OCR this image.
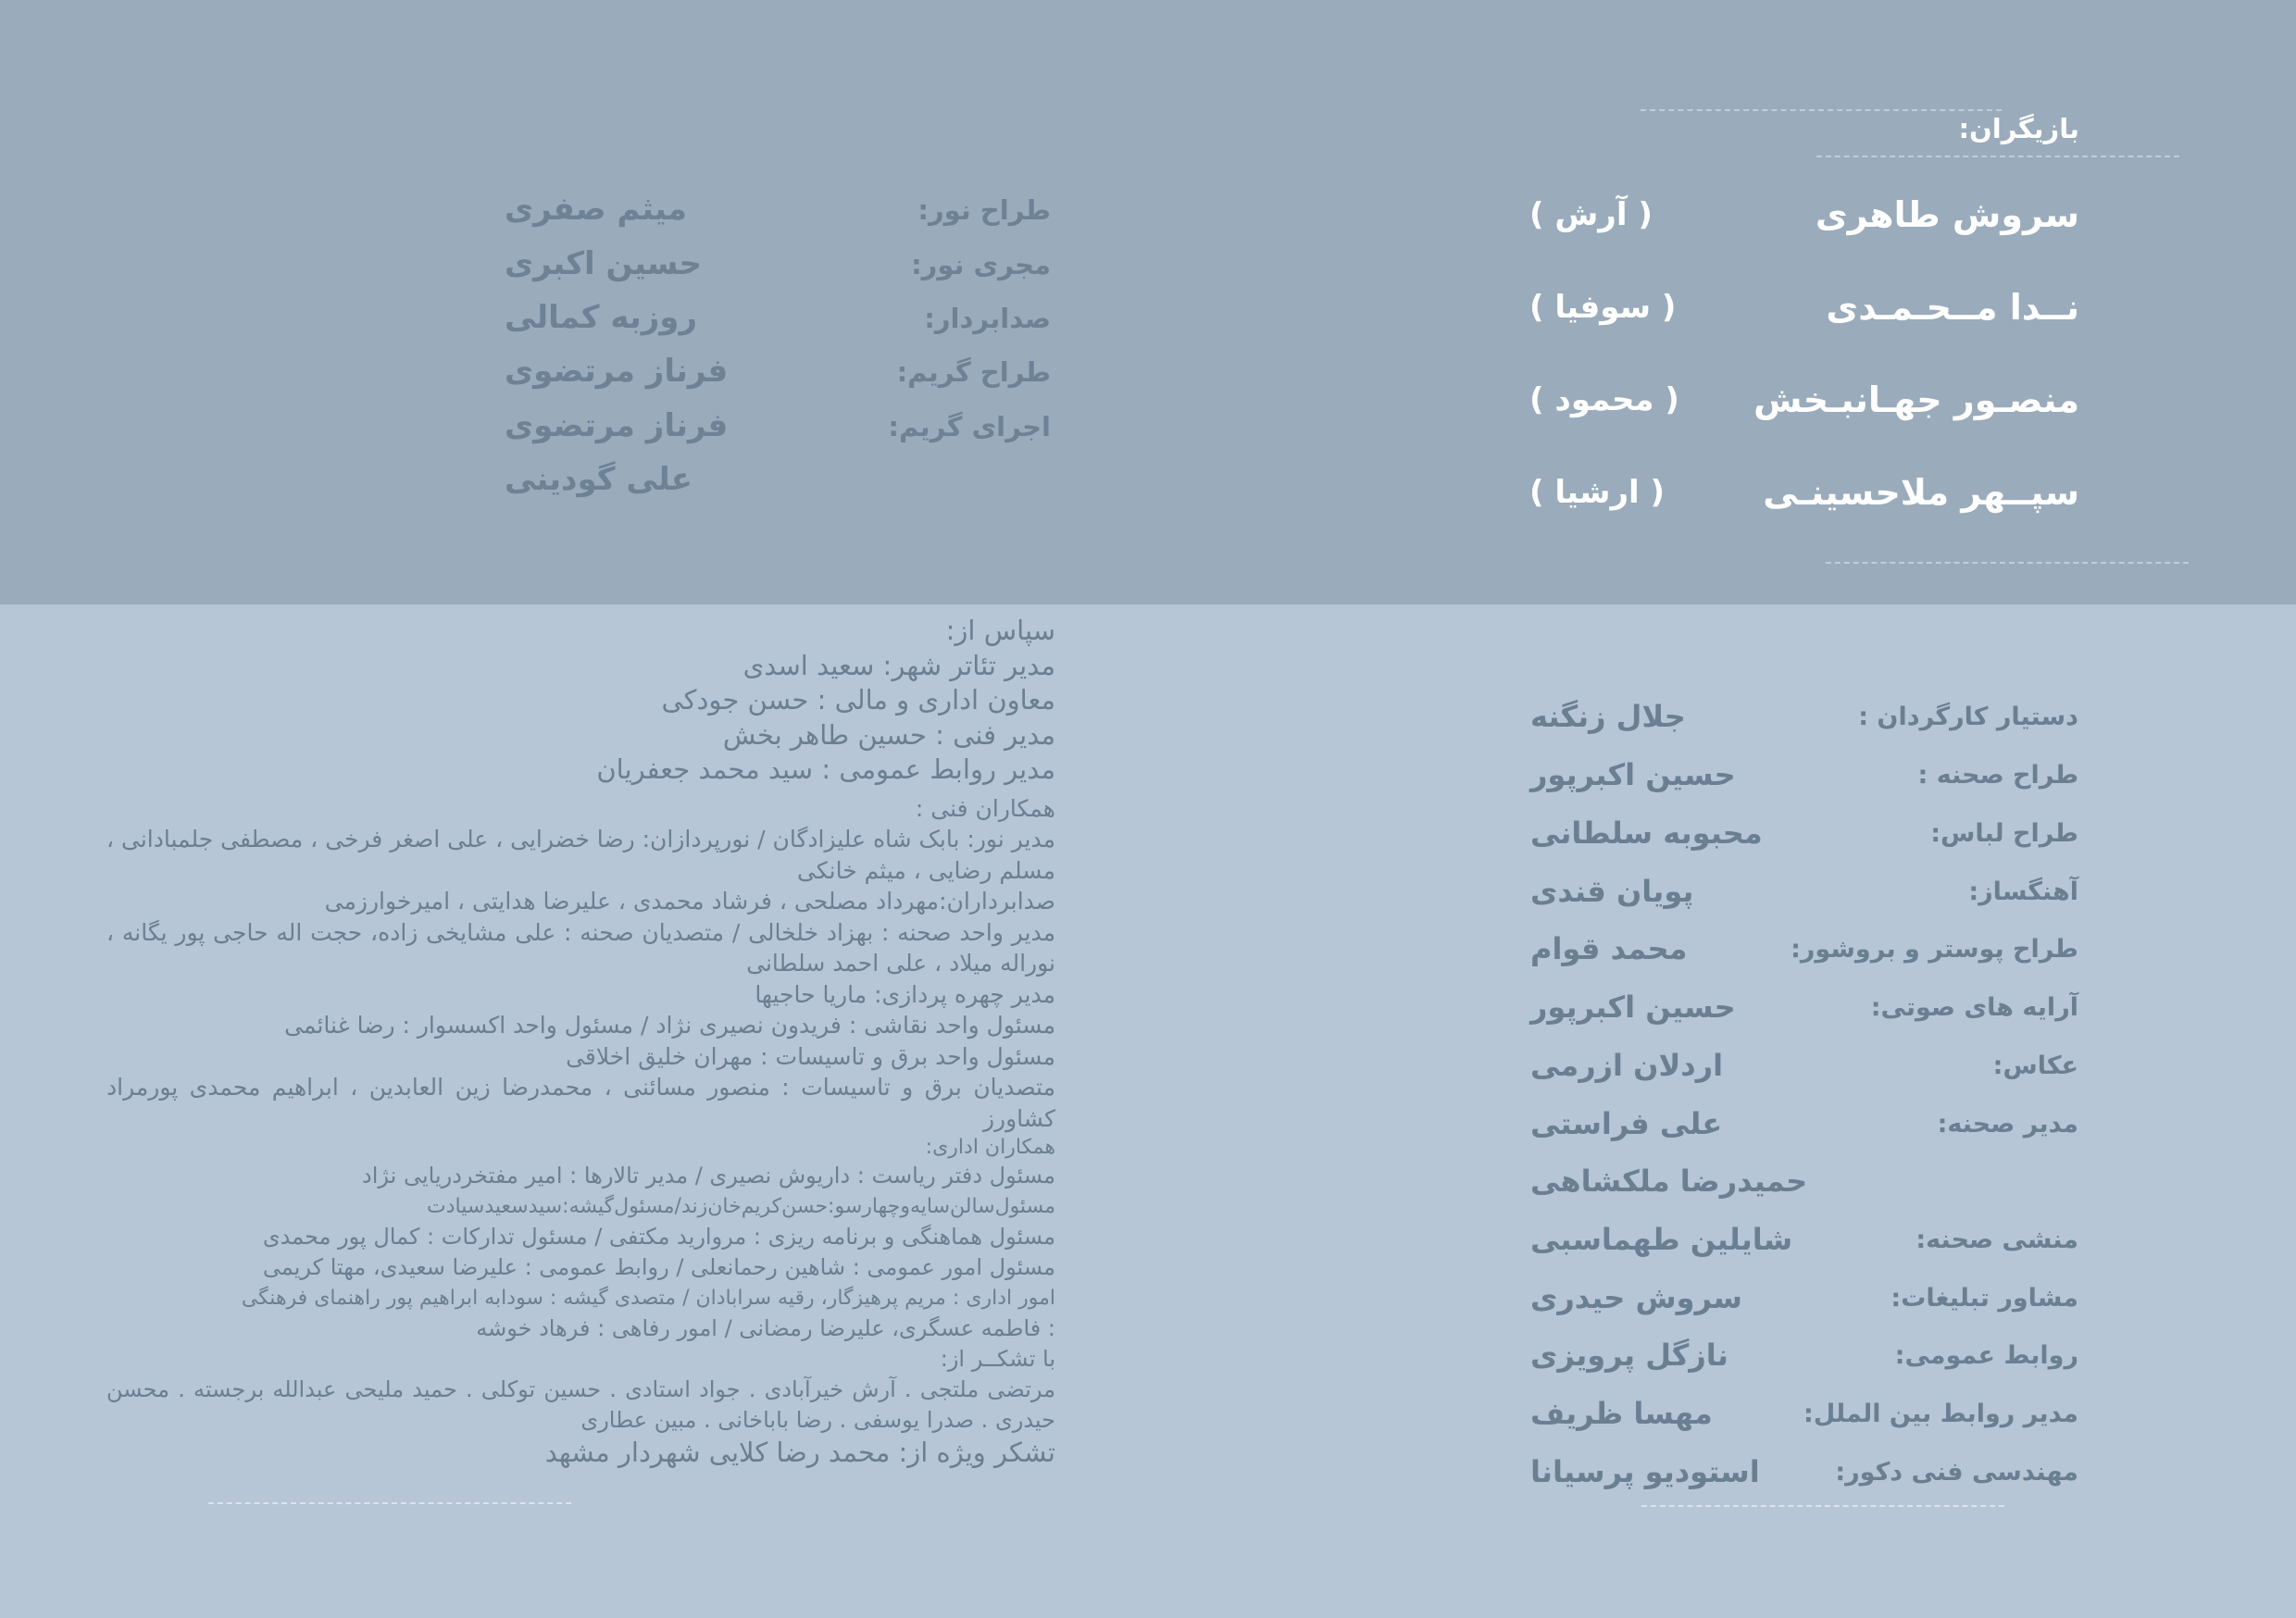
بازیگران:
سروش طاهری
( آرش )
نــدا مــحـمـدی
( سوفیا )
منصـور جهـانبـخش
( محمود )
سپــهر ملاحسینـی
( ارشیا )
طراح نور:
میثم صفری
مجری نور:
حسین اکبری
صدابردار:
روزبه کمالی
طراح گریم:
فرناز مرتضوی
اجرای گریم:
فرناز مرتضوی
علی گودینی
دستیار کارگردان :
جلال زنگنه
طراح صحنه :
حسین اکبرپور
طراح لباس:
محبوبه سلطانی
آهنگساز:
پویان قندی
طراح پوستر و بروشور:
محمد قوام
آرایه های صوتی:
حسین اکبرپور
عکاس:
اردلان ازرمی
مدیر صحنه:
علی فراستی
حمیدرضا ملکشاهی
منشی صحنه:
شایلین طهماسبی
مشاور تبلیغات:
سروش حیدری
روابط عمومی:
نازگل پرویزی
مدیر روابط بین الملل:
مهسا ظریف
مهندسی فنی دکور:
استودیو پرسیانا
سپاس از:
مدیر تئاتر شهر: سعید اسدی
معاون اداری و مالی : حسن جودکی
مدیر فنی : حسین طاهر بخش
مدیر روابط عمومی : سید محمد جعفریان
همکاران فنی :
مدیر نور: بابک شاه علیزادگان / نورپردازان: رضا خضرایی ، علی اصغر فرخی ، مصطفی جلمبادانی ، مسلم رضایی ، میثم خانکی
صدابرداران:مهرداد مصلحی ، فرشاد محمدی ، علیرضا هدایتی ، امیرخوارزمی
مدیر واحد صحنه : بهزاد خلخالی / متصدیان صحنه : علی مشایخی زاده، حجت اله حاجی پور یگانه ، نوراله میلاد ، علی احمد سلطانی
مدیر چهره پردازی: ماریا حاجیها
مسئول واحد نقاشی : فریدون نصیری نژاد / مسئول واحد اکسسوار : رضا غنائمی
مسئول واحد برق و تاسیسات : مهران خلیق اخلاقی
متصدیان برق و تاسیسات : منصور مسائنی ، محمدرضا زین العابدین ، ابراهیم محمدی پورمراد کشاورز
همکاران اداری:
مسئول دفتر ریاست : داریوش نصیری / مدیر تالارها : امیر مفتخردریایی نژاد
مسئول‌سالن‌سایه‌وچهارسو:حسن‌کریم‌خان‌زند/مسئول‌گیشه:سیدسعیدسیادت
مسئول هماهنگی و برنامه ریزی : مروارید مکتفی / مسئول تدارکات : کمال پور محمدی
مسئول امور عمومی : شاهین رحمانعلی / روابط عمومی : علیرضا سعیدی، مهتا کریمی
امور اداری : مریم پرهیزگار، رقیه سرابادان / متصدی گیشه : سودابه ابراهیم پور راهنمای فرهنگی
: فاطمه عسگری، علیرضا رمضانی / امور رفاهی : فرهاد خوشه
با تشکــر از:
مرتضی ملتجی . آرش خیرآبادی . جواد استادی . حسین توکلی . حمید ملیحی عبدالله برجسته . محسن حیدری . صدرا یوسفی . رضا باباخانی . مبین عطاری
تشکر ویژه از: محمد رضا کلایی شهردار مشهد
